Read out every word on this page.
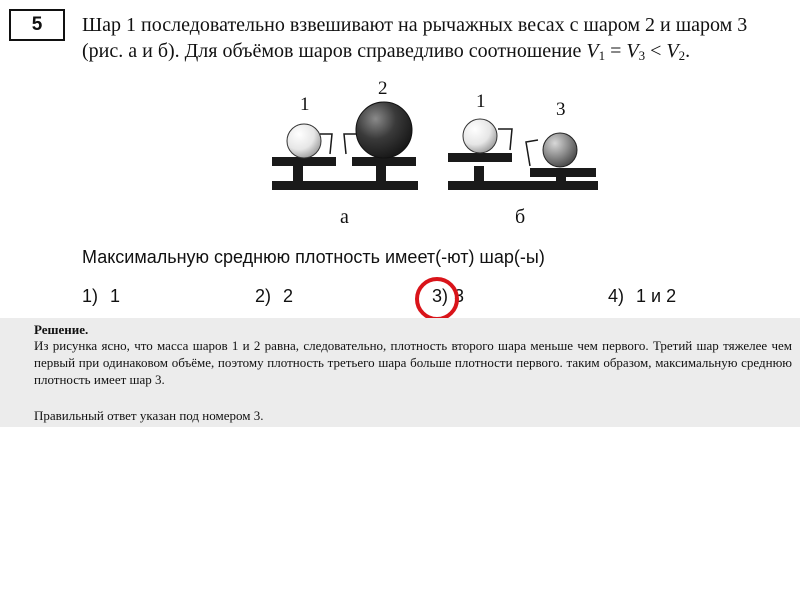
5 Шар 1 последовательно взвешивают на рычажных весах с шаром 2 и шаром 3 (рис. а и б). Для объёмов шаров справедливо соотношение $V_1 = V_3 < V_2$.
1
2
1	3
а	б
Максимальную среднюю плотность имеет(-ют) шар(-ы)
1) 1	2) 2	3) 3	4) 1 и 2
Решение.
Из рисунка ясно, что масса шаров 1 и 2 равна, следовательно, плотность второго шара меньше чем первого. Третий шар тяжелее чем первый при одинаковом объёме, поэтому плотность третьего шара больше плотности первого. таким образом, максимальную среднюю плотность имеет шар 3.
Правильный ответ указан под номером 3.
